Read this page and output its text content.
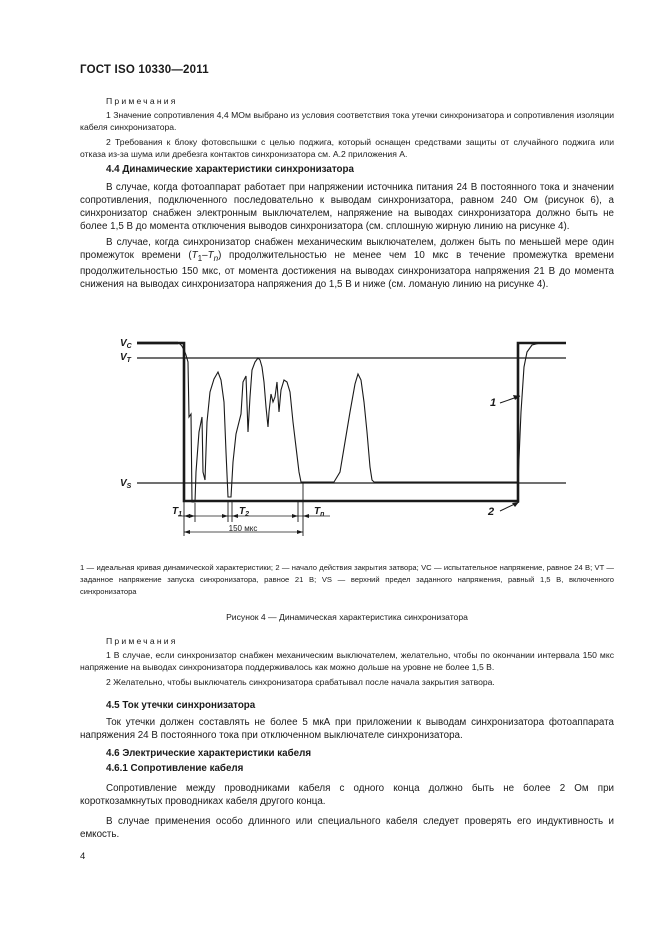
ГОСТ ISO 10330—2011
Примечания

1 Значение сопротивления 4,4 МОм выбрано из условия соответствия тока утечки синхронизатора и сопротивления изоляции кабеля синхронизатора.

2 Требования к блоку фотовспышки с целью поджига, который оснащен средствами защиты от случайного поджига или отказа из-за шума или дребезга контактов синхронизатора см. А.2 приложения А.

4.4 Динамические характеристики синхронизатора

В случае, когда фотоаппарат работает при напряжении источника питания 24 В постоянного тока и значении сопротивления, подключенного последовательно к выводам синхронизатора, равном 240 Ом (рисунок 6), а синхронизатор снабжен электронным выключателем, напряжение на выводах синхронизатора должно быть не более 1,5 В до момента отключения выводов синхронизатора (см. сплошную жирную линию на рисунке 4).

В случае, когда синхронизатор снабжен механическим выключателем, должен быть по меньшей мере один промежуток времени $(T_1-T_n)$ продолжительностью не менее чем 10 мкс в течение промежутка времени продолжительностью 150 мкс, от момента достижения на выводах синхронизатора напряжения 21 В до момента снижения на выводах синхронизатора напряжения до 1,5 В и ниже (см. ломаную линию на рисунке 4).

$V_C$
$V_T$
$V_S$
$T_1$	$T_2$	$T_n$
1
2
150 мкс

1 — идеальная кривая динамической характеристики; 2 — начало действия закрытия затвора; VC — испытательное напряжение, равное 24 В; VT — заданное напряжение запуска синхронизатора, равное 21 В; VS — верхний предел заданного напряжения, равный 1,5 В, включенного синхронизатора

Рисунок 4 — Динамическая характеристика синхронизатора
Примечания

1 В случае, если синхронизатор снабжен механическим выключателем, желательно, чтобы по окончании интервала 150 мкс напряжение на выводах синхронизатора поддерживалось как можно дольше на уровне не более 1,5 В.

2 Желательно, чтобы выключатель синхронизатора срабатывал после начала закрытия затвора.

4.5 Ток утечки синхронизатора

Ток утечки должен составлять не более 5 мкА при приложении к выводам синхронизатора фотоаппарата напряжения 24 В постоянного тока при отключенном выключателе синхронизатора.

4.6 Электрические характеристики кабеля

4.6.1 Сопротивление кабеля

Сопротивление между проводниками кабеля с одного конца должно быть не более 2 Ом при короткозамкнутых проводниках кабеля другого конца.

В случае применения особо длинного или специального кабеля следует проверять его индуктивность и емкость.

4
